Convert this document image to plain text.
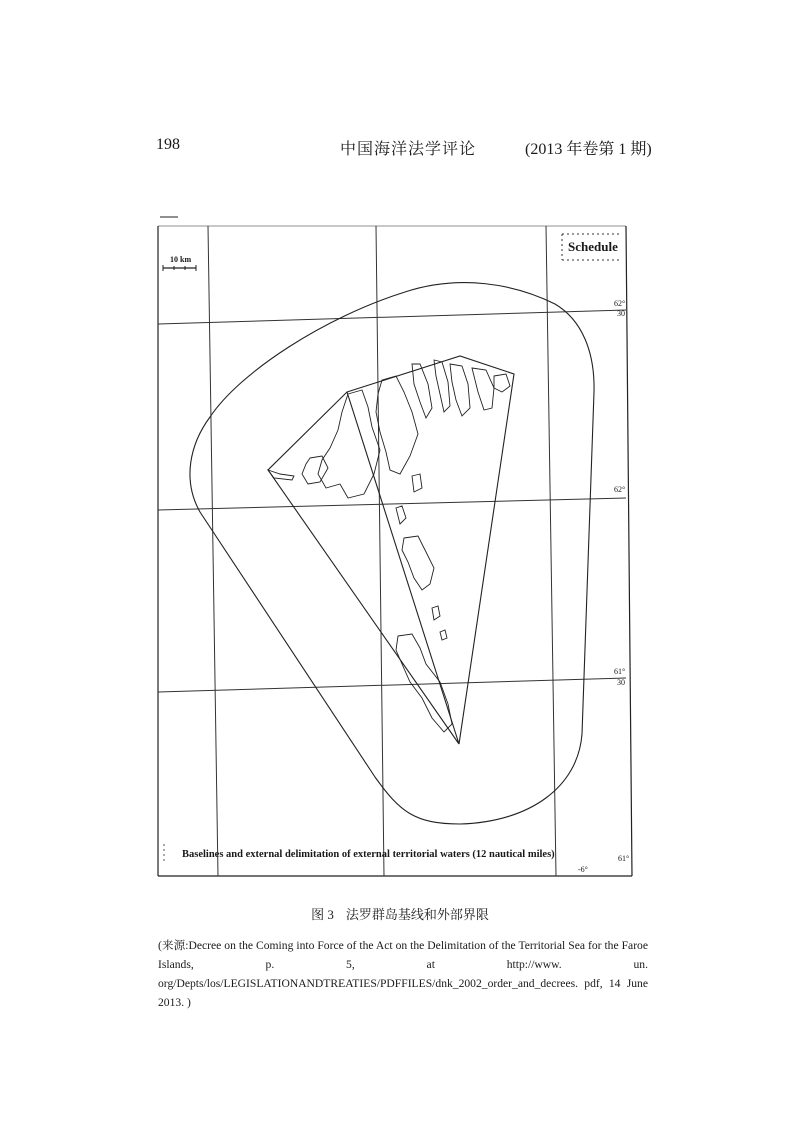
198	中国海洋法学评论	(2013 年卷第 1 期)
Schedule
10 km
62°
30
62°
61°
30
61°
-6°
Baselines and external delimitation of external territorial waters (12 nautical miles)
图 3 法罗群岛基线和外部界限
(来源:Decree on the Coming into Force of the Act on the Delimitation of the Territorial Sea for the Faroe Islands, p. 5, at http://www. un. org/Depts/los/LEGISLATIONANDTREATIES/PDFFILES/dnk_2002_order_and_decrees. pdf, 14 June 2013. )
